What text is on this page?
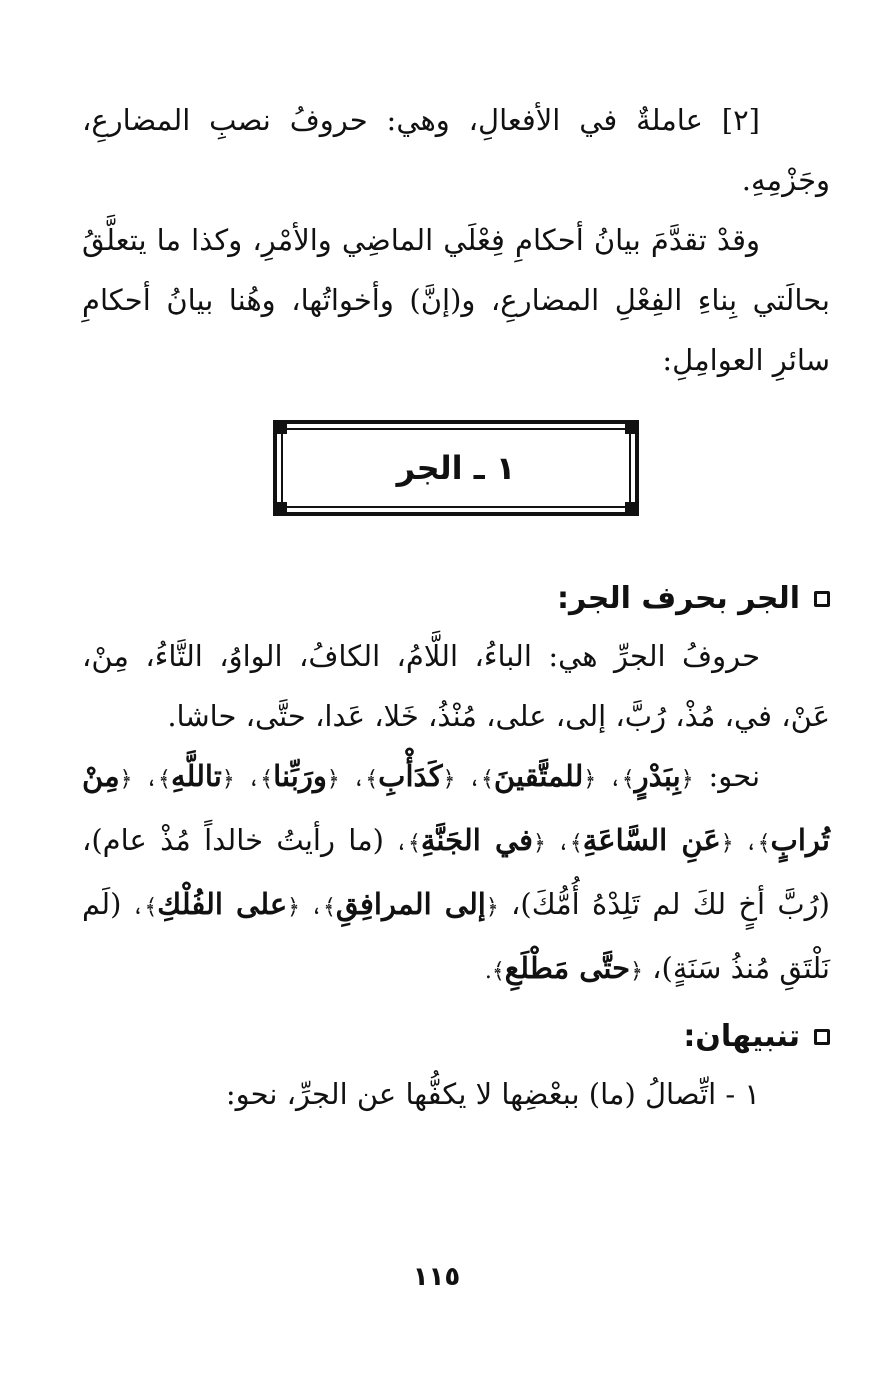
[٢] عاملةٌ في الأفعالِ، وهي: حروفُ نصبِ المضارعِ، وجَزْمِهِ.

وقدْ تقدَّمَ بيانُ أحكامِ فِعْلَي الماضِي والأمْرِ، وكذا ما يتعلَّقُ بحالَتي بِناءِ الفِعْلِ المضارعِ، و(إنَّ) وأخواتُها، وهُنا بيانُ أحكامِ سائرِ العوامِلِ:

١ ـ الجر
الجر بحرف الجر:

حروفُ الجرِّ هي: الباءُ، اللَّامُ، الكافُ، الواوُ، التَّاءُ، مِنْ، عَنْ، في، مُذْ، رُبَّ، إلى، على، مُنْذُ، خَلا، عَدا، حتَّى، حاشا.

نحو: ﴿بِبَدْرٍ﴾، ﴿للمتَّقينَ﴾، ﴿كَدَأْبِ﴾، ﴿ورَبِّنا﴾، ﴿تاللَّهِ﴾، ﴿مِنْ تُرابٍ﴾، ﴿عَنِ السَّاعَةِ﴾، ﴿في الجَنَّةِ﴾، (ما رأيتُ خالداً مُذْ عام)، (رُبَّ أخٍ لكَ لم تَلِدْهُ أُمُّكَ)، ﴿إلى المرافِقِ﴾، ﴿على الفُلْكِ﴾، (لَم نَلْتَقِ مُنذُ سَنَةٍ)، ﴿حتَّى مَطْلَعِ﴾.

تنبيهان:

١ - اتِّصالُ (ما) ببعْضِها لا يكفُّها عن الجرِّ، نحو:

١١٥
